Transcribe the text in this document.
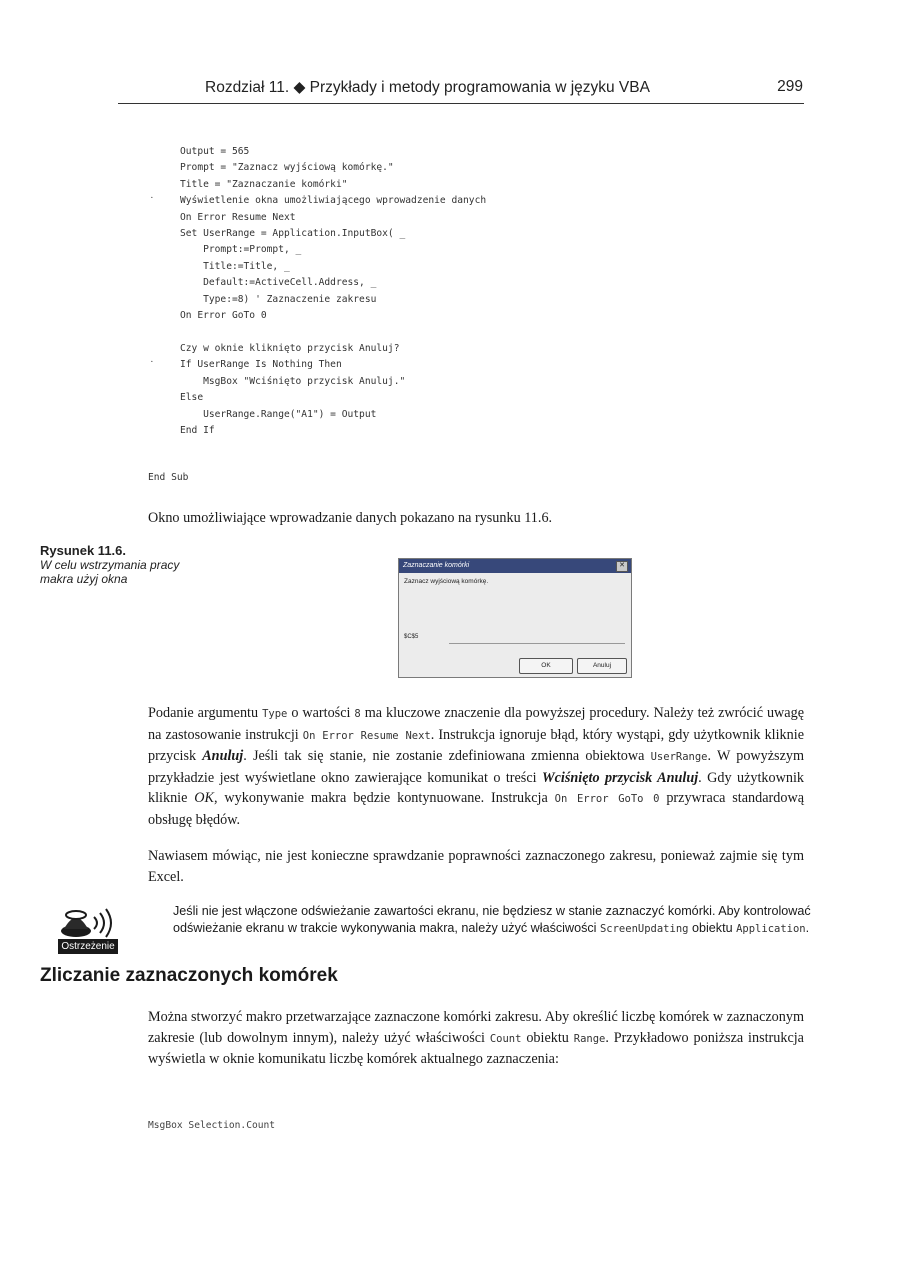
Rozdział 11. ◆ Przykłady i metody programowania w języku VBA	299
·
·
Output = 565
Prompt = "Zaznacz wyjściową komórkę."
Title = "Zaznaczanie komórki"
Wyświetlenie okna umożliwiającego wprowadzenie danych
On Error Resume Next
Set UserRange = Application.InputBox( _
Prompt:=Prompt, _
Title:=Title, _
Default:=ActiveCell.Address, _
Type:=8) ' Zaznaczenie zakresu
On Error GoTo 0

Czy w oknie kliknięto przycisk Anuluj?
If UserRange Is Nothing Then
MsgBox "Wciśnięto przycisk Anuluj."
Else
UserRange.Range("A1") = Output
End If
End Sub

Okno umożliwiające wprowadzanie danych pokazano na rysunku 11.6.

Rysunek 11.6.
W celu wstrzymania pracy makra użyj okna
Zaznaczanie komórki	✕
Zaznacz wyjściową komórkę.
$C$5
OK	Anuluj

Podanie argumentu Type o wartości 8 ma kluczowe znaczenie dla powyższej procedury. Należy też zwrócić uwagę na zastosowanie instrukcji On Error Resume Next. Instrukcja ignoruje błąd, który wystąpi, gdy użytkownik kliknie przycisk Anuluj. Jeśli tak się stanie, nie zostanie zdefiniowana zmienna obiektowa UserRange. W powyższym przykładzie jest wyświetlane okno zawierające komunikat o treści Wciśnięto przycisk Anuluj. Gdy użytkownik kliknie OK, wykonywanie makra będzie kontynuowane. Instrukcja On Error GoTo 0 przywraca standardową obsługę błędów.

Nawiasem mówiąc, nie jest konieczne sprawdzanie poprawności zaznaczonego zakresu, ponieważ zajmie się tym Excel.

Ostrzeżenie

Jeśli nie jest włączone odświeżanie zawartości ekranu, nie będziesz w stanie zaznaczyć komórki. Aby kontrolować odświeżanie ekranu w trakcie wykonywania makra, należy użyć właściwości ScreenUpdating obiektu Application.

Zliczanie zaznaczonych komórek

Można stworzyć makro przetwarzające zaznaczone komórki zakresu. Aby określić liczbę komórek w zaznaczonym zakresie (lub dowolnym innym), należy użyć właściwości Count obiektu Range. Przykładowo poniższa instrukcja wyświetla w oknie komunikatu liczbę komórek aktualnego zaznaczenia:

MsgBox Selection.Count
